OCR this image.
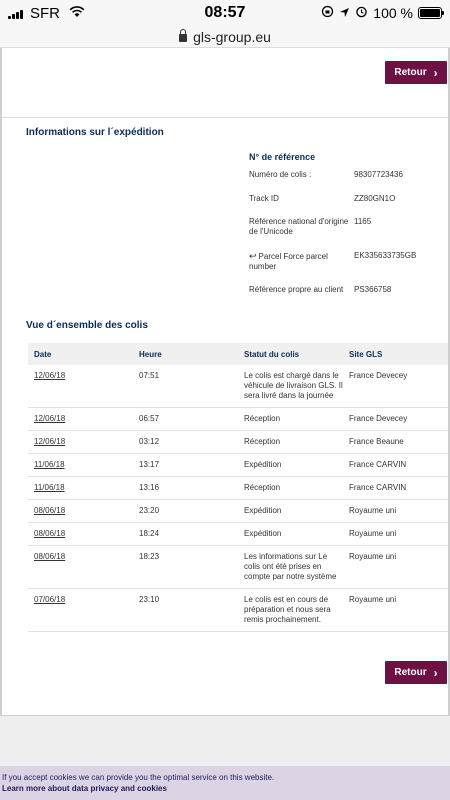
SFR	08:57	100 %
gls-group.eu
Retour ›
Informations sur l´expédition
N° de référence
Numéro de colis :	98307723436
Track ID	ZZ80GN1O
Référence national d'origine de l'Unicode
1165
↩ Parcel Force parcel number
EK335633735GB
Référence propre au client	PS366758
Vue d´ensemble des colis
Date	Heure	Statut du colis	Site GLS
12/06/18	07:51	Le colis est chargé dans le véhicule de livraison GLS. Il sera livré dans la journée	France Devecey
12/06/18	06:57	Réception	France Devecey
12/06/18	03:12	Réception	France Beaune
11/06/18	13:17	Expédition	France CARVIN
11/06/18	13:16	Réception	France CARVIN
08/06/18	23:20	Expédition	Royaume uni
08/06/18	18:24	Expédition	Royaume uni
08/06/18	18:23	Les informations sur Le colis ont été prises en compte par notre système	Royaume uni
07/06/18	23:10	Le colis est en cours de préparation et nous sera remis prochainement.	Royaume uni
Retour ›
If you accept cookies we can provide you the optimal service on this website.
Learn more about data privacy and cookies
